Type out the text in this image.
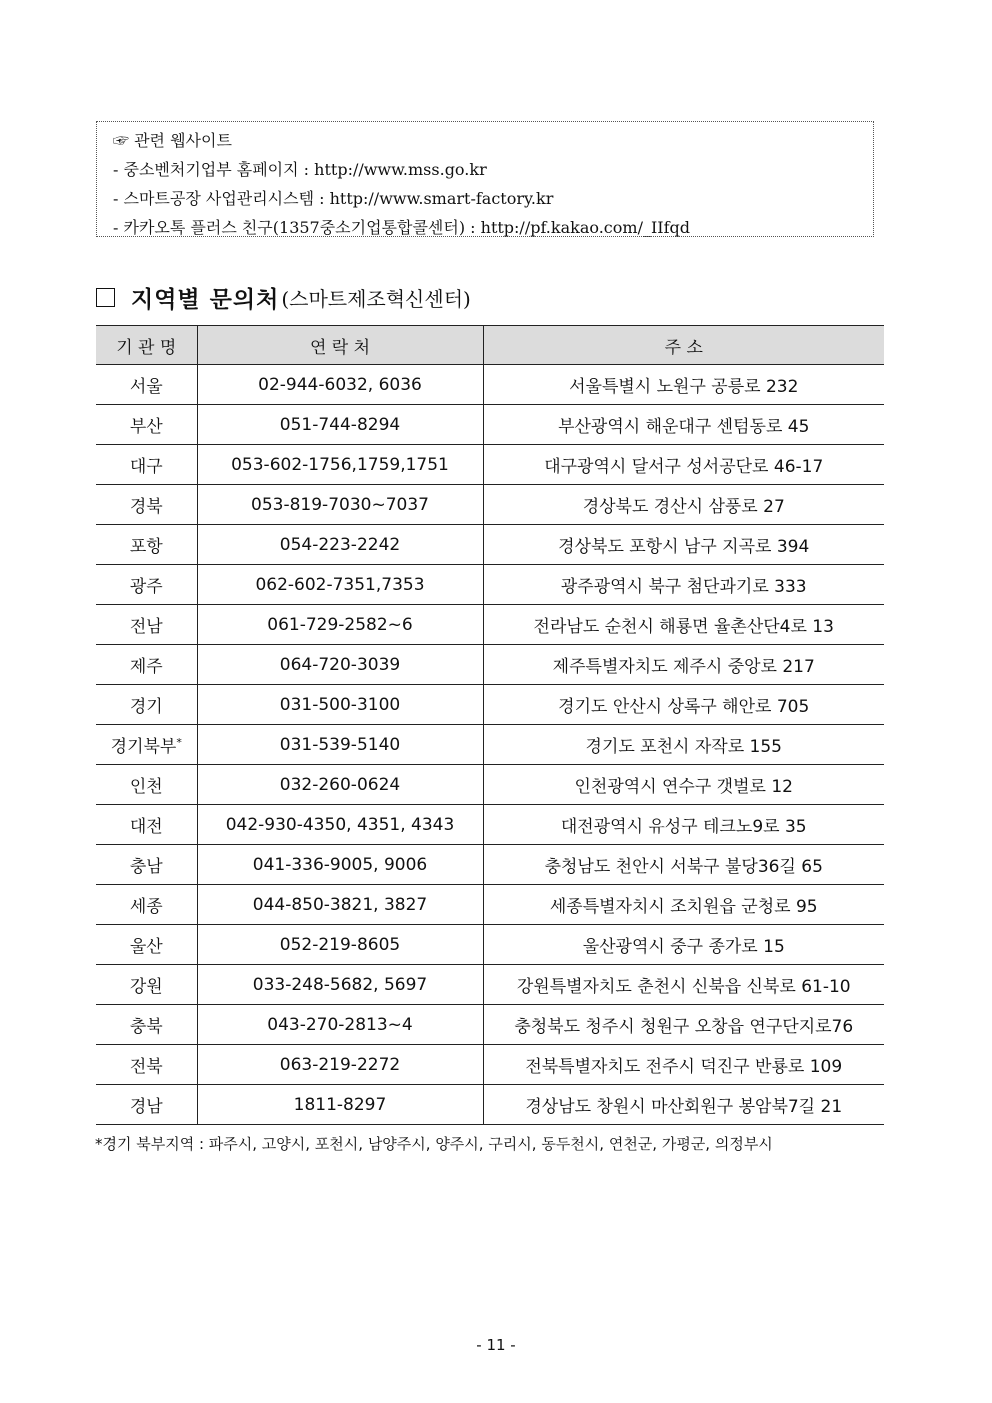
☞ 관련 웹사이트
- 중소벤처기업부 홈페이지 : http://www.mss.go.kr
- 스마트공장 사업관리시스템 : http://www.smart-factory.kr
- 카카오톡 플러스 친구(1357중소기업통합콜센터) : http://pf.kakao.com/_IIfqd
지역별 문의처 (스마트제조혁신센터)
기 관 명	연 락 처	주 소
서울	02-944-6032, 6036	서울특별시 노원구 공릉로 232
부산	051-744-8294	부산광역시 해운대구 센텀동로 45
대구	053-602-1756,1759,1751	대구광역시 달서구 성서공단로 46-17
경북	053-819-7030~7037	경상북도 경산시 삼풍로 27
포항	054-223-2242	경상북도 포항시 남구 지곡로 394
광주	062-602-7351,7353	광주광역시 북구 첨단과기로 333
전남	061-729-2582~6	전라남도 순천시 해룡면 율촌산단4로 13
제주	064-720-3039	제주특별자치도 제주시 중앙로 217
경기	031-500-3100	경기도 안산시 상록구 해안로 705
경기북부*	031-539-5140	경기도 포천시 자작로 155
인천	032-260-0624	인천광역시 연수구 갯벌로 12
대전	042-930-4350, 4351, 4343	대전광역시 유성구 테크노9로 35
충남	041-336-9005, 9006	충청남도 천안시 서북구 불당36길 65
세종	044-850-3821, 3827	세종특별자치시 조치원읍 군청로 95
울산	052-219-8605	울산광역시 중구 종가로 15
강원	033-248-5682, 5697	강원특별자치도 춘천시 신북읍 신북로 61-10
충북	043-270-2813~4	충청북도 청주시 청원구 오창읍 연구단지로76
전북	063-219-2272	전북특별자치도 전주시 덕진구 반룡로 109
경남	1811-8297	경상남도 창원시 마산회원구 봉암북7길 21
*경기 북부지역 : 파주시, 고양시, 포천시, 남양주시, 양주시, 구리시, 동두천시, 연천군, 가평군, 의정부시
- 11 -
